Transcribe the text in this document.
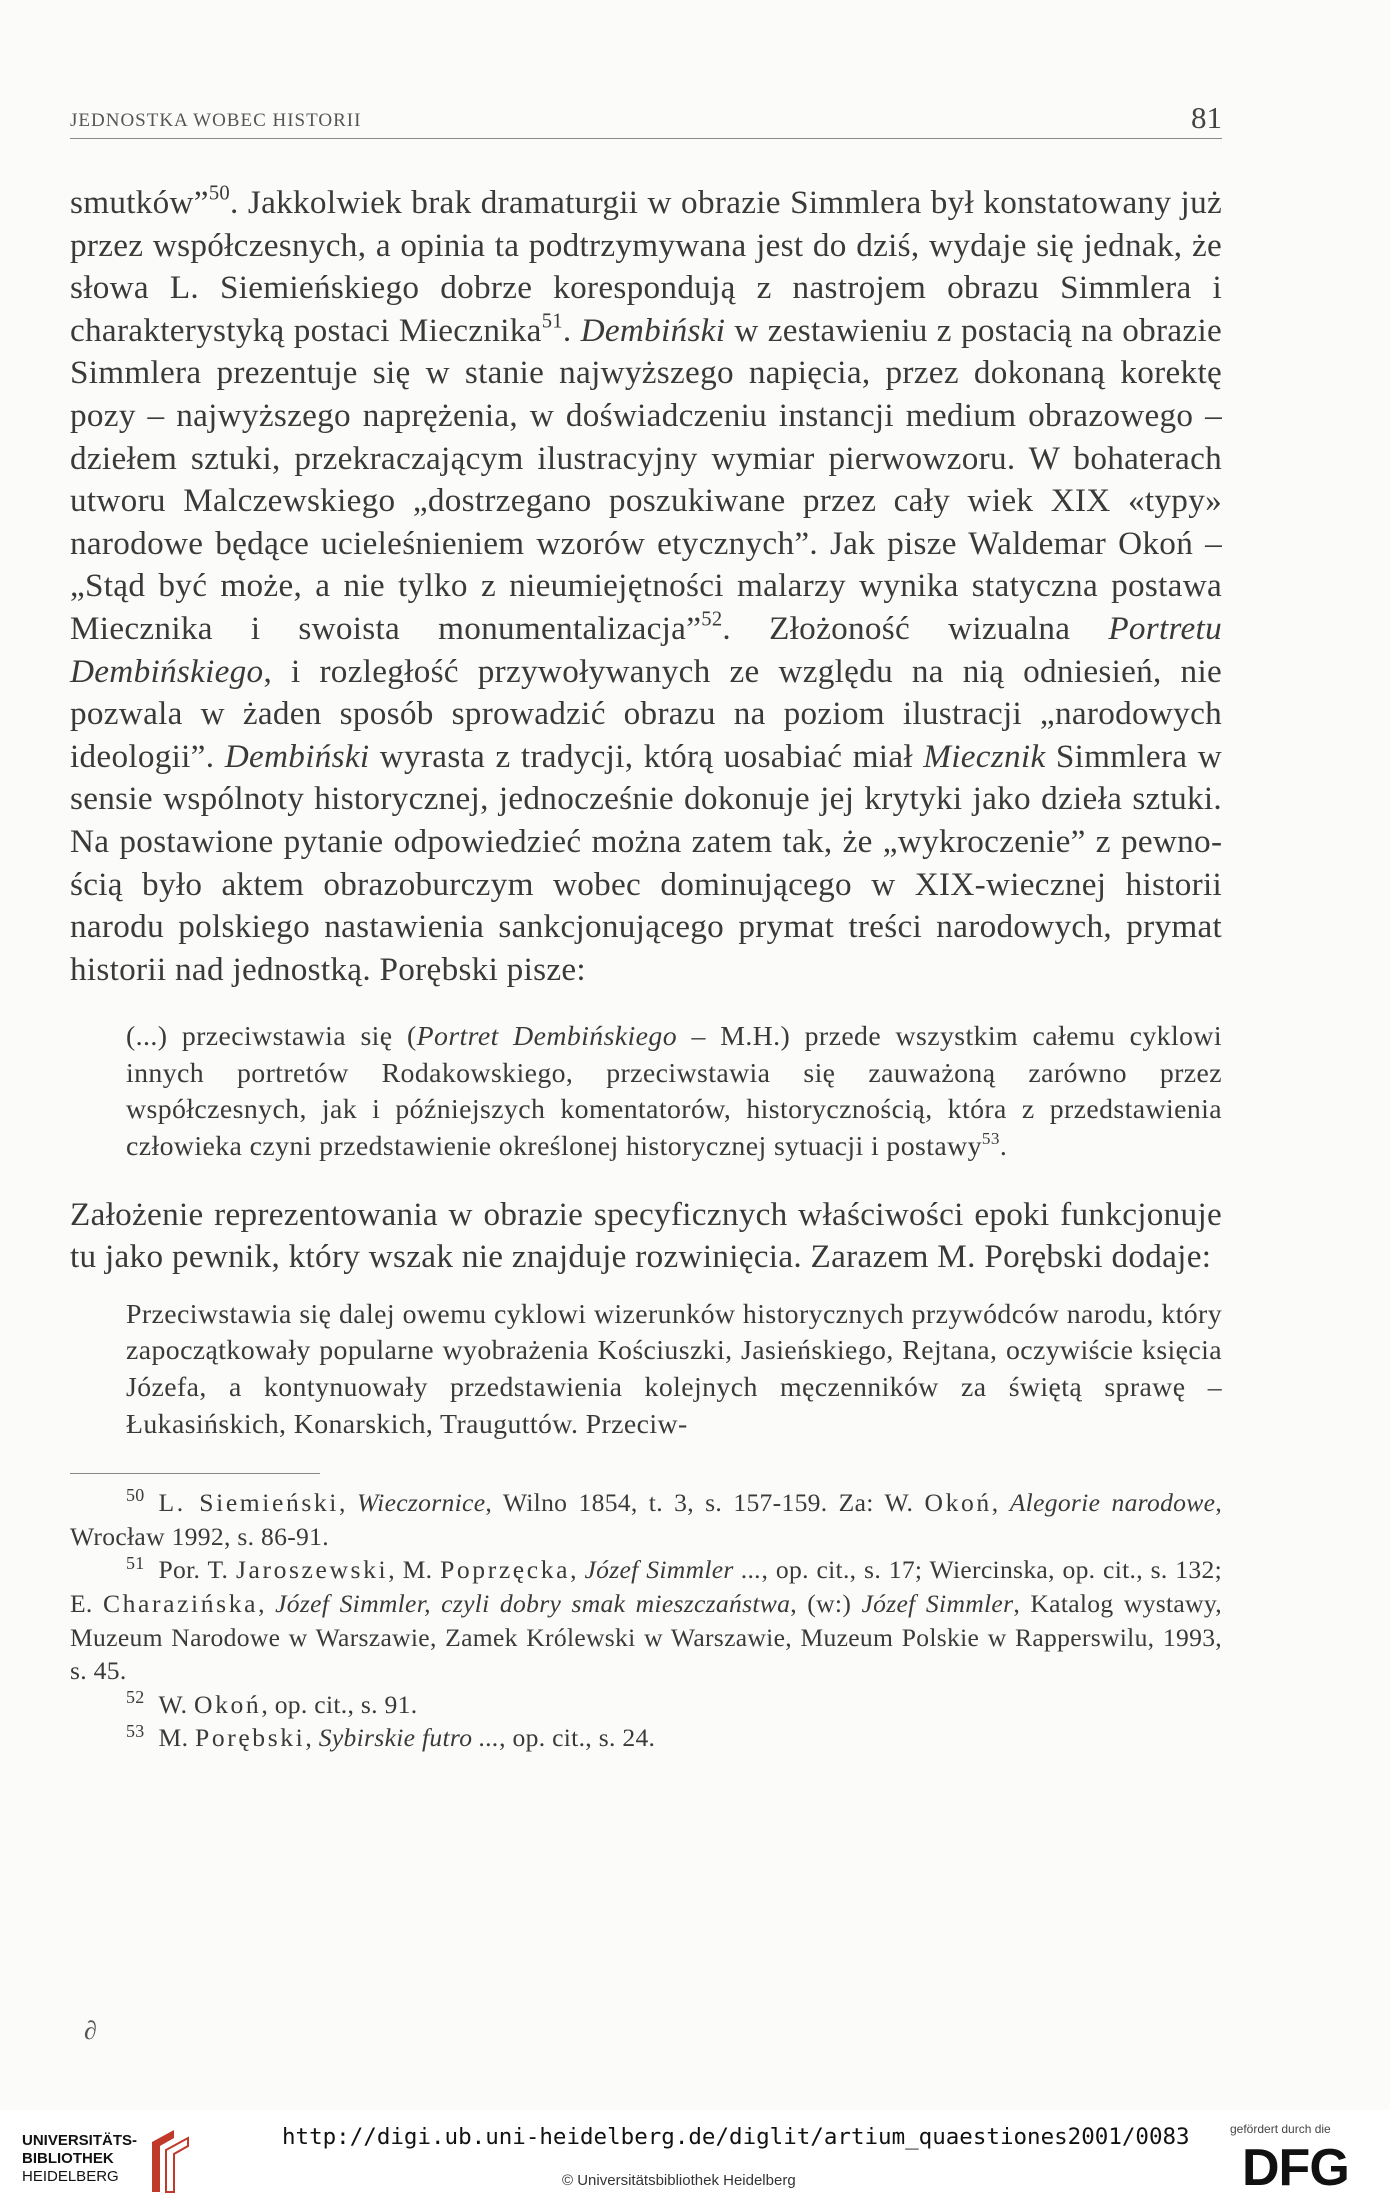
JEDNOSTKA WOBEC HISTORII	81

smutków”$^{50}$. Jakkolwiek brak dramaturgii w obrazie Simmlera był konstatowany już przez współczesnych, a opinia ta podtrzymywana jest do dziś, wydaje się jednak, że słowa L. Siemieńskiego dobrze korespondują z nastrojem obrazu Simmlera i charakterystyką postaci Miecznika$^{51}$. Dembiński w zestawieniu z postacią na obrazie Simmlera prezentuje się w stanie najwyższego napięcia, przez dokonaną korektę pozy – najwyższego naprężenia, w doświadczeniu instancji medium obrazowego – dziełem sztuki, przekraczającym ilustracyjny wymiar pierwowzoru. W bohaterach utworu Malczewskiego „dostrzegano poszukiwane przez cały wiek XIX «typy» narodowe będące ucieleśnieniem wzorów etycznych”. Jak pisze Waldemar Okoń – „Stąd być może, a nie tylko z nieumiejętności malarzy wynika statyczna postawa Miecznika i swoista monumentalizacja”$^{52}$. Złożoność wizualna Portretu Dembińskiego, i rozległość przywoływanych ze względu na nią odniesień, nie pozwala w żaden sposób sprowadzić obrazu na poziom ilustracji „narodowych ideologii”. Dembiński wyrasta z tradycji, którą uosabiać miał Miecznik Simmlera w sensie wspólnoty historycznej, jednocześnie dokonuje jej krytyki jako dzieła sztuki. Na postawione pytanie odpowiedzieć można zatem tak, że „wykroczenie” z pewnością było aktem obrazoburczym wobec dominującego w XIX-wiecznej historii narodu polskiego nastawienia sankcjonującego prymat treści narodowych, prymat historii nad jednostką. Porębski pisze:

(...) przeciwstawia się (Portret Dembińskiego – M.H.) przede wszystkim całemu cyklowi innych portretów Rodakowskiego, przeciwstawia się zauważoną zarówno przez współczesnych, jak i późniejszych komentatorów, historycznością, która z przedstawienia człowieka czyni przedstawienie określonej historycznej sytuacji i postawy$^{53}$.

Założenie reprezentowania w obrazie specyficznych właściwości epoki funkcjonuje tu jako pewnik, który wszak nie znajduje rozwinięcia. Zarazem M. Porębski dodaje:

Przeciwstawia się dalej owemu cyklowi wizerunków historycznych przywódców narodu, który zapoczątkowały popularne wyobrażenia Kościuszki, Jasieńskiego, Rejtana, oczywiście księcia Józefa, a kontynuowały przedstawienia kolejnych męczenników za świętą sprawę – Łukasińskich, Konarskich, Trauguttów. Przeciw-

$^{50}$ L. Siemieński, Wieczornice, Wilno 1854, t. 3, s. 157-159. Za: W. Okoń, Alegorie narodowe, Wrocław 1992, s. 86-91.

$^{51}$ Por. T. Jaroszewski, M. Poprzęcka, Józef Simmler ..., op. cit., s. 17; Wiercinska, op. cit., s. 132; E. Charazińska, Józef Simmler, czyli dobry smak mieszczaństwa, (w:) Józef Simmler, Katalog wystawy, Muzeum Narodowe w Warszawie, Zamek Królewski w Warszawie, Muzeum Polskie w Rapperswilu, 1993, s. 45.

$^{52}$ W. Okoń, op. cit., s. 91.

$^{53}$ M. Porębski, Sybirskie futro ..., op. cit., s. 24.

∂
UNIVERSITÄTS-
BIBLIOTHEK
HEIDELBERG
http://digi.ub.uni-heidelberg.de/diglit/artium_quaestiones2001/0083
© Universitätsbibliothek Heidelberg
gefördert durch die
DFG
